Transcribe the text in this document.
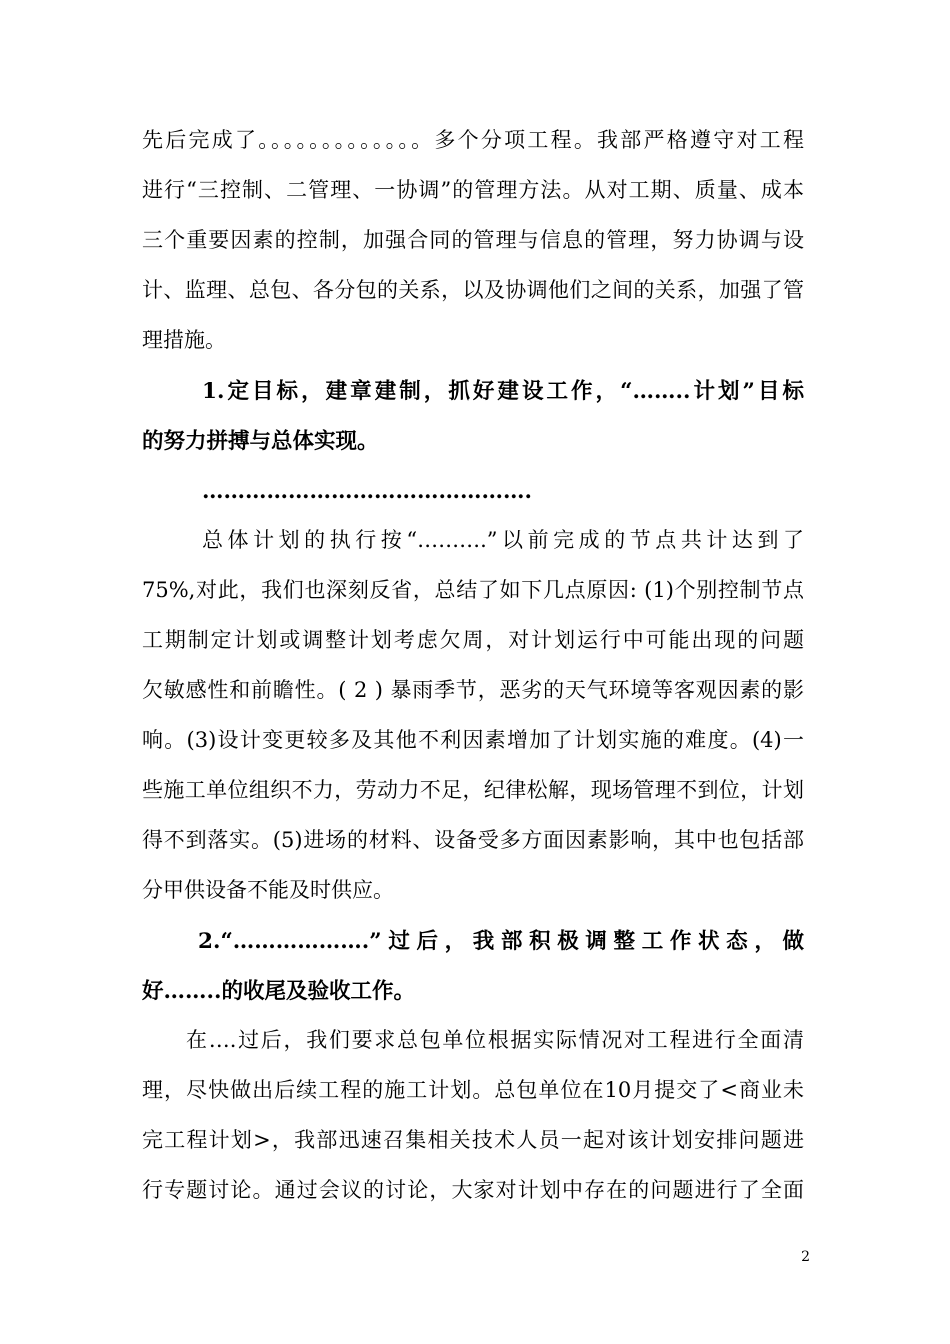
先后完成了。。。。。。。。。。。。。多个分项工程。我部严格遵守对工程
进行“三控制、二管理、一协调”的管理方法。从对工期、质量、成本
三个重要因素的控制，加强合同的管理与信息的管理，努力协调与设
计、监理、总包、各分包的关系，以及协调他们之间的关系，加强了管
理措施。
1.定目标，建章建制，抓好建设工作，“……..计划”目标
的努力拼搏与总体实现。
……………………………………….
总体计划的执行按“……….”以前完成的节点共计达到了
75%,对此，我们也深刻反省，总结了如下几点原因: (1)个别控制节点
工期制定计划或调整计划考虑欠周，对计划运行中可能出现的问题
欠敏感性和前瞻性。( 2 ) 暴雨季节，恶劣的天气环境等客观因素的影
响。(3)设计变更较多及其他不利因素增加了计划实施的难度。(4)一
些施工单位组织不力，劳动力不足，纪律松解，现场管理不到位，计划
得不到落实。(5)进场的材料、设备受多方面因素影响，其中也包括部
分甲供设备不能及时供应。
2.“……………….”过后，我部积极调整工作状态，做
好……..的收尾及验收工作。
在….过后，我们要求总包单位根据实际情况对工程进行全面清
理，尽快做出后续工程的施工计划。总包单位在10月提交了<商业未
完工程计划>，我部迅速召集相关技术人员一起对该计划安排问题进
行专题讨论。通过会议的讨论，大家对计划中存在的问题进行了全面
2
